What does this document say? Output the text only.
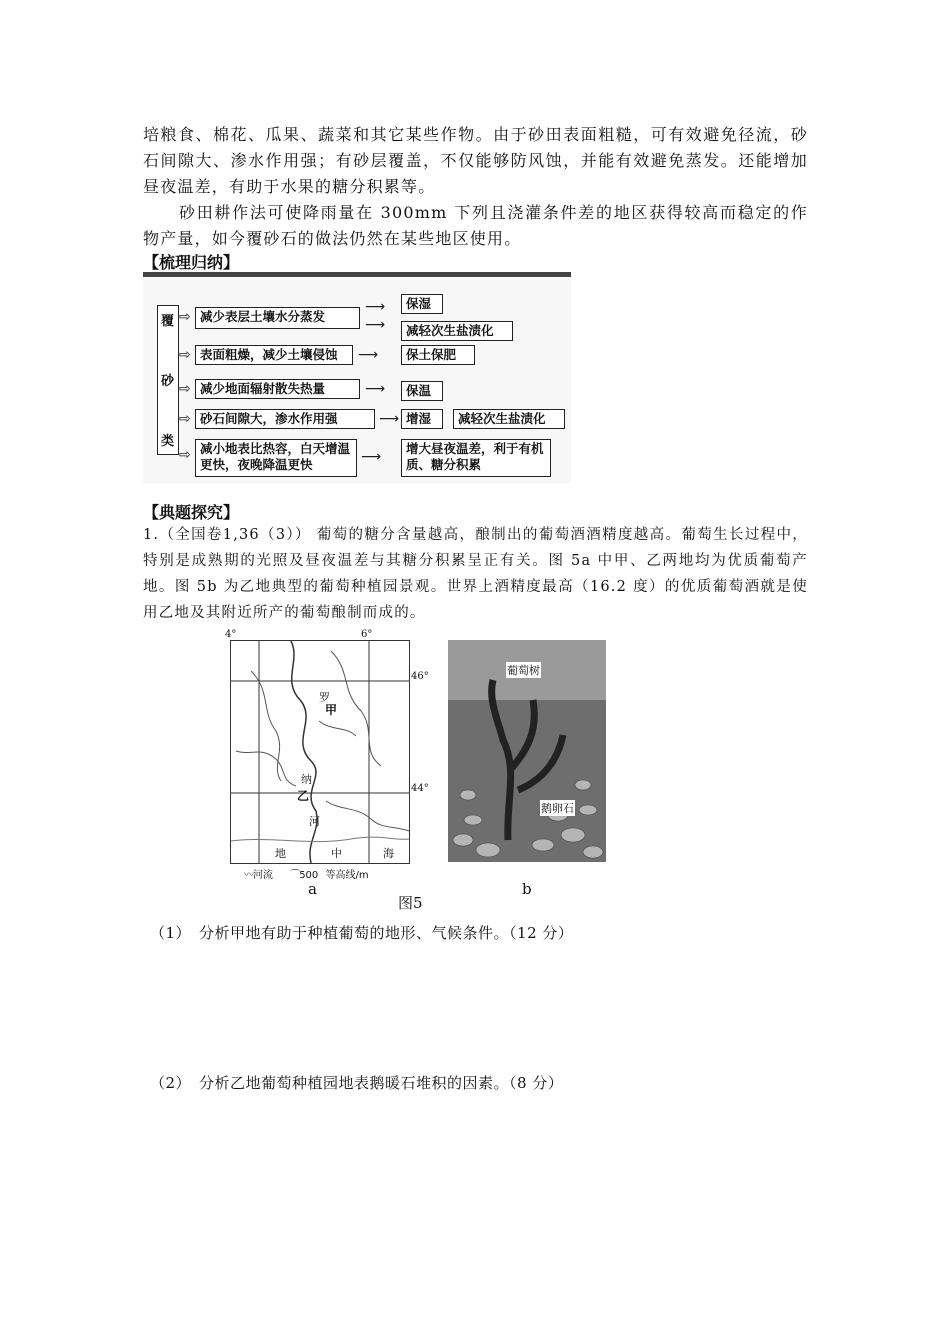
培粮食、棉花、瓜果、蔬菜和其它某些作物。由于砂田表面粗糙，可有效避免径流，砂石间隙大、渗水作用强；有砂层覆盖，不仅能够防风蚀，并能有效避免蒸发。还能增加昼夜温差，有助于水果的糖分积累等。

砂田耕作法可使降雨量在 300mm 下列且浇灌条件差的地区获得较高而稳定的作物产量，如今覆砂石的做法仍然在某些地区使用。

【梳理归纳】
覆
砂
类
⇨ 减少表层土壤水分蒸发
⟶
⟶
保湿
减轻次生盐渍化
⇨ 表面粗燥，减少土壤侵蚀	⟶	保土保肥
⇨ 减少地面辐射散失热量	⟶	保温
⇨ 砂石间隙大，渗水作用强	⟶ 增湿	减轻次生盐渍化
⇨ 减小地表比热容，白天增温更快，夜晚降温更快	⟶
增大昼夜温差，利于有机质、糖分积累
【典题探究】

1.（全国卷1,36（3）） 葡萄的糖分含量越高，酿制出的葡萄酒酒精度越高。葡萄生长过程中，特别是成熟期的光照及昼夜温差与其糖分积累呈正有关。图 5a 中甲、乙两地均为优质葡萄产地。图 5b 为乙地典型的葡萄种植园景观。世界上酒精度最高（16.2 度）的优质葡萄酒就是使用乙地及其附近所产的葡萄酿制而成的。

4°	6°
46°
44°
罗
甲
纳
乙
河
地	中	海
〰河流 ⌒500 等高线/m
葡萄树
鹅卵石
a	b
图5
（1）　分析甲地有助于种植葡萄的地形、气候条件。（12 分）
（2）　分析乙地葡萄种植园地表鹅暖石堆积的因素。（8 分）
